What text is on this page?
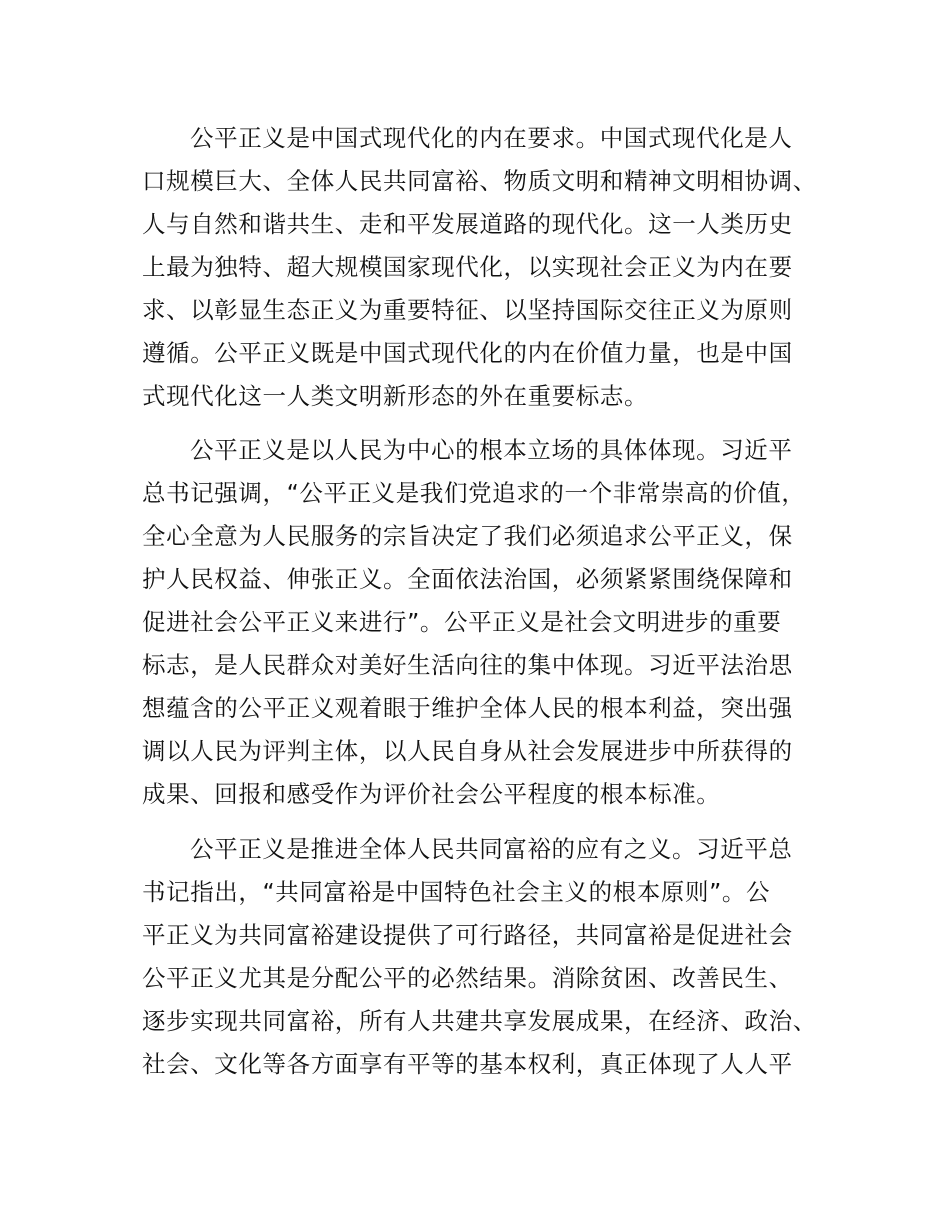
公平正义是中国式现代化的内在要求。中国式现代化是人
口规模巨大、全体人民共同富裕、物质文明和精神文明相协调、
人与自然和谐共生、走和平发展道路的现代化。这一人类历史
上最为独特、超大规模国家现代化，以实现社会正义为内在要
求、以彰显生态正义为重要特征、以坚持国际交往正义为原则
遵循。公平正义既是中国式现代化的内在价值力量，也是中国
式现代化这一人类文明新形态的外在重要标志。
公平正义是以人民为中心的根本立场的具体体现。习近平
总书记强调，“公平正义是我们党追求的一个非常崇高的价值，
全心全意为人民服务的宗旨决定了我们必须追求公平正义，保
护人民权益、伸张正义。全面依法治国，必须紧紧围绕保障和
促进社会公平正义来进行”。公平正义是社会文明进步的重要
标志，是人民群众对美好生活向往的集中体现。习近平法治思
想蕴含的公平正义观着眼于维护全体人民的根本利益，突出强
调以人民为评判主体，以人民自身从社会发展进步中所获得的
成果、回报和感受作为评价社会公平程度的根本标准。
公平正义是推进全体人民共同富裕的应有之义。习近平总
书记指出，“共同富裕是中国特色社会主义的根本原则”。公
平正义为共同富裕建设提供了可行路径，共同富裕是促进社会
公平正义尤其是分配公平的必然结果。消除贫困、改善民生、
逐步实现共同富裕，所有人共建共享发展成果，在经济、政治、
社会、文化等各方面享有平等的基本权利，真正体现了人人平
